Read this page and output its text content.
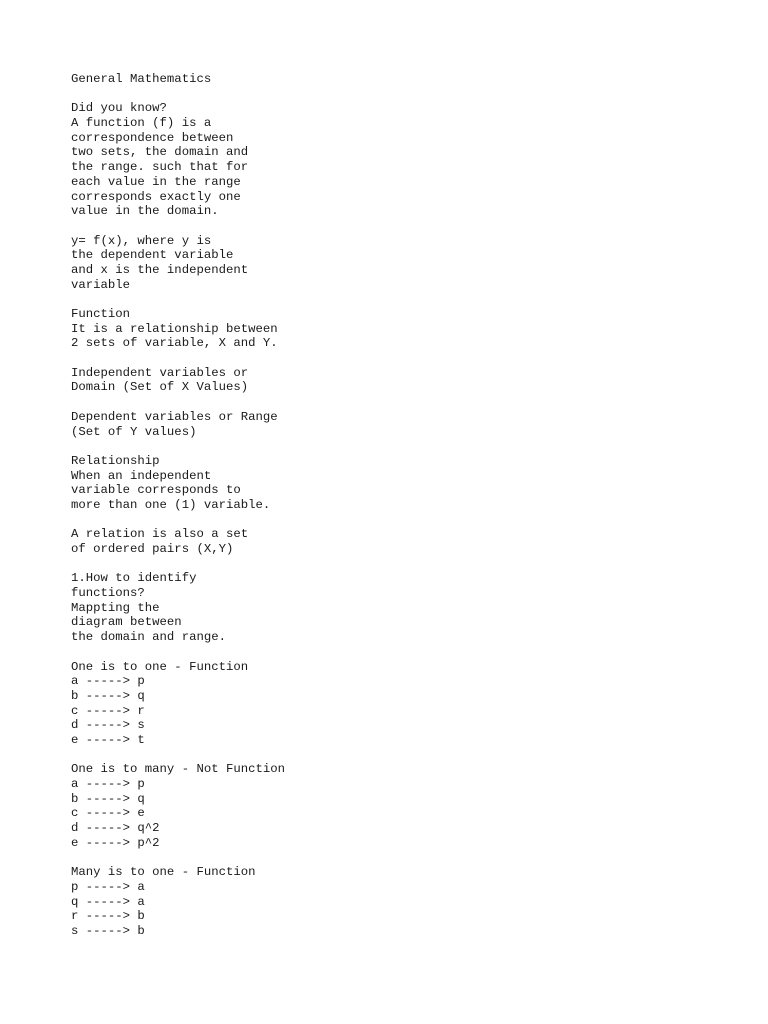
General Mathematics
Did you know?
A function (f) is a
correspondence between
two sets, the domain and
the range. such that for
each value in the range
corresponds exactly one
value in the domain.
y= f(x), where y is
the dependent variable
and x is the independent
variable
Function
It is a relationship between
2 sets of variable, X and Y.
Independent variables or
Domain (Set of X Values)
Dependent variables or Range
(Set of Y values)
Relationship
When an independent
variable corresponds to
more than one (1) variable.
A relation is also a set
of ordered pairs (X,Y)
1.How to identify
functions?
Mappting the
diagram between
the domain and range.
One is to one - Function
a -----> p
b -----> q
c -----> r
d -----> s
e -----> t
One is to many - Not Function
a -----> p
b -----> q
c -----> e
d -----> q^2
e -----> p^2
Many is to one - Function
p -----> a
q -----> a
r -----> b
s -----> b
